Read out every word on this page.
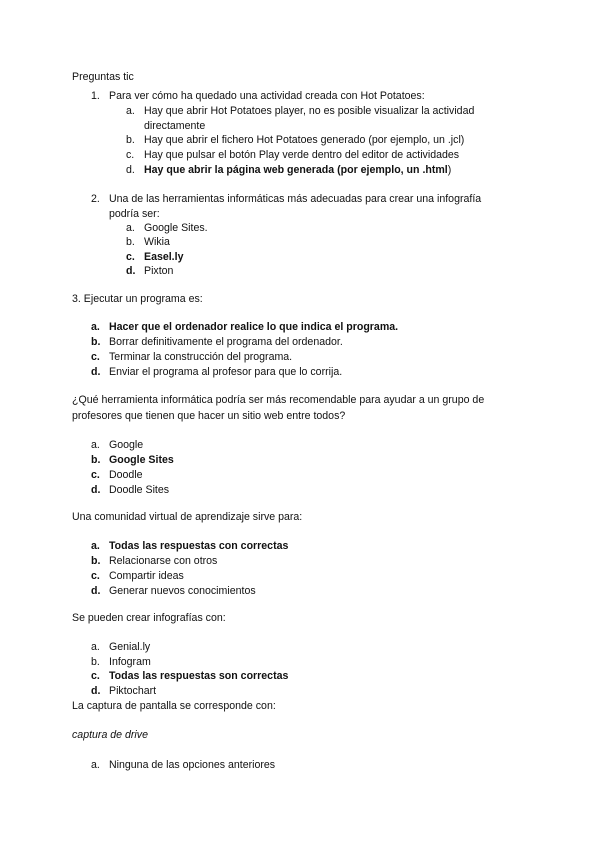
Preguntas tic
1. Para ver cómo ha quedado una actividad creada con Hot Potatoes:
a. Hay que abrir Hot Potatoes player, no es posible visualizar la actividad
directamente
b. Hay que abrir el fichero Hot Potatoes generado (por ejemplo, un .jcl)
c. Hay que pulsar el botón Play verde dentro del editor de actividades
d. Hay que abrir la página web generada (por ejemplo, un .html)
2. Una de las herramientas informáticas más adecuadas para crear una infografía
podría ser:
a. Google Sites.
b. Wikia
c. Easel.ly
d. Pixton
3. Ejecutar un programa es:
a. Hacer que el ordenador realice lo que indica el programa.
b. Borrar definitivamente el programa del ordenador.
c. Terminar la construcción del programa.
d. Enviar el programa al profesor para que lo corrija.
¿Qué herramienta informática podría ser más recomendable para ayudar a un grupo de
profesores que tienen que hacer un sitio web entre todos?
a. Google
b. Google Sites
c. Doodle
d. Doodle Sites
Una comunidad virtual de aprendizaje sirve para:
a. Todas las respuestas con correctas
b. Relacionarse con otros
c. Compartir ideas
d. Generar nuevos conocimientos
Se pueden crear infografías con:
a. Genial.ly
b. Infogram
c. Todas las respuestas son correctas
d. Piktochart
La captura de pantalla se corresponde con:
captura de drive
a. Ninguna de las opciones anteriores
